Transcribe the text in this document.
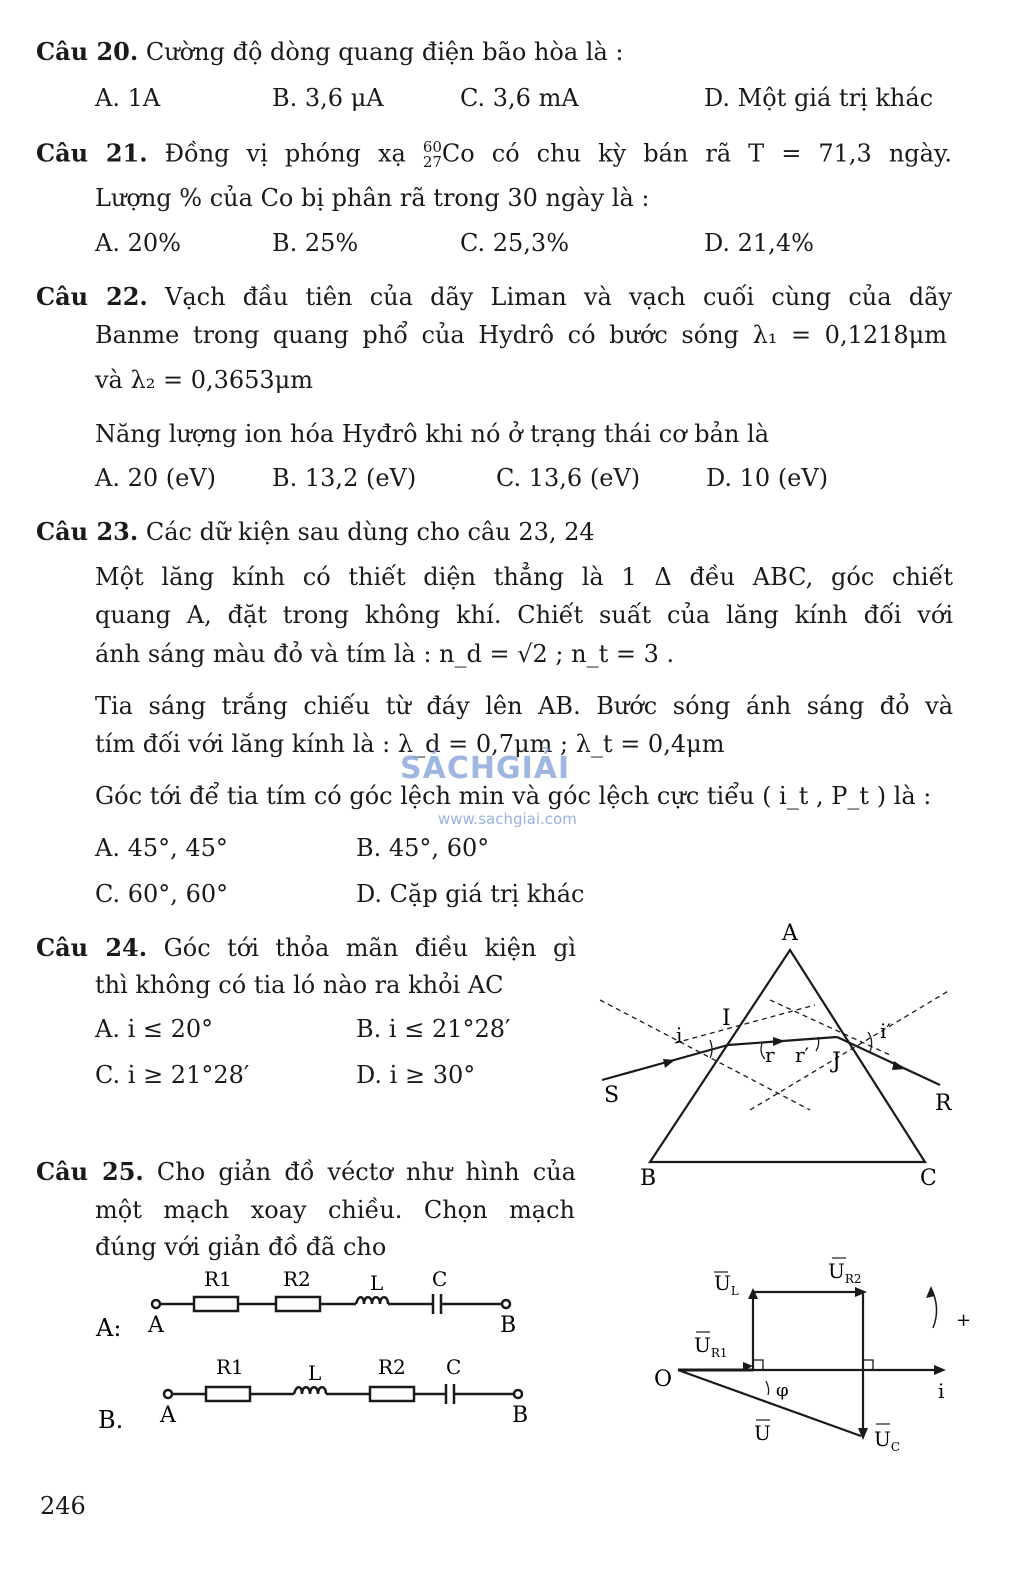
Câu 20. Cường độ dòng quang điện bão hòa là :
A. 1A	B. 3,6 μA	C. 3,6 mA	D. Một giá trị khác
Câu 21. Đồng vị phóng xạ 60
27Co có chu kỳ bán rã T = 71,3 ngày.
Lượng % của Co bị phân rã trong 30 ngày là :
A. 20%	B. 25%	C. 25,3%	D. 21,4%
Câu 22. Vạch đầu tiên của dãy Liman và vạch cuối cùng của dãy
Banme trong quang phổ của Hydrô có bước sóng λ₁ = 0,1218μm
và λ₂ = 0,3653μm
Năng lượng ion hóa Hyđrô khi nó ở trạng thái cơ bản là
A. 20 (eV) B. 13,2 (eV)	C. 13,6 (eV)	D. 10 (eV)
Câu 23. Các dữ kiện sau dùng cho câu 23, 24
Một lăng kính có thiết diện thẳng là 1 Δ đều ABC, góc chiết
quang A, đặt trong không khí. Chiết suất của lăng kính đối với
ánh sáng màu đỏ và tím là : n_d = √2 ; n_t = 3 .
Tia sáng trắng chiếu từ đáy lên AB. Bước sóng ánh sáng đỏ và
tím đối với lăng kính là : λ_d = 0,7μm ; λ_t = 0,4μm
Góc tới để tia tím có góc lệch min và góc lệch cực tiểu ( i_t , P_t ) là :
A. 45°, 45°	B. 45°, 60°
C. 60°, 60°	D. Cặp giá trị khác
SÁCHGIẢI
www.sachgiai.com
Câu 24. Góc tới thỏa mãn điều kiện gì
thì không có tia ló nào ra khỏi AC
A. i ≤ 20°	B. i ≤ 21°28′
C. i ≥ 21°28′	D. i ≥ 30°
Câu 25. Cho giản đồ véctơ như hình của
một mạch xoay chiều. Chọn mạch
đúng với giản đồ đã cho
A: A	B
R1	R2	L C
B. A	B
R1	L	R2 C
A
B	C
I
J
S	R
i	i′
r r′
O	i
+
$U_L$
$U_{R2}$
$U_{R1}$
U	$U_C$
φ
246
